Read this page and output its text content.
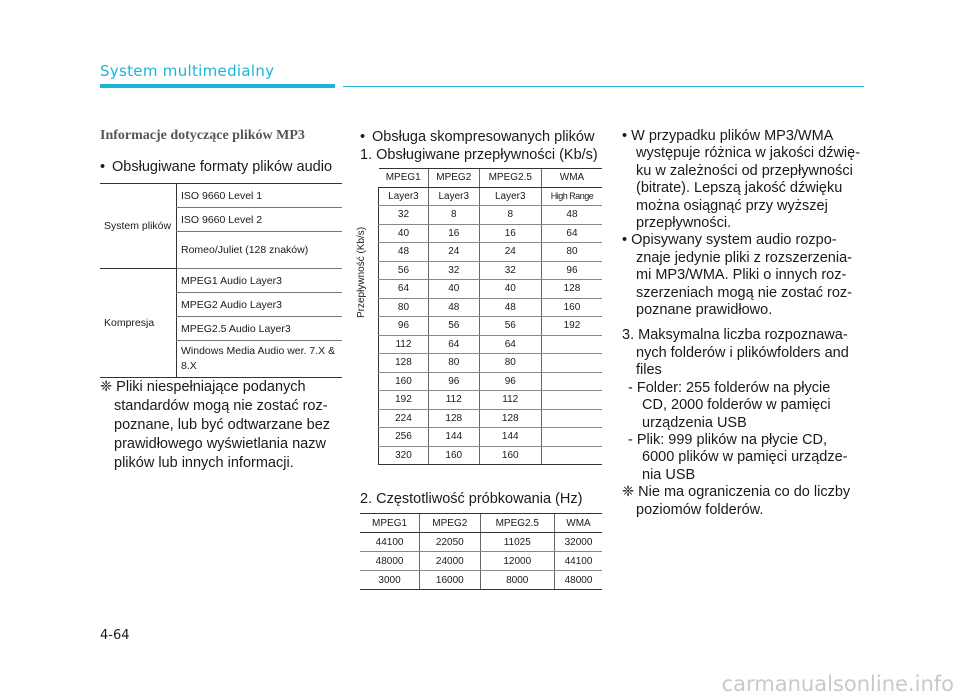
System multimedialny
Informacje dotyczące plików MP3
• Obsługiwane formaty plików audio
System plików	ISO 9660 Level 1
	ISO 9660 Level 2
	Romeo/Juliet (128 znaków)
Kompresja	MPEG1 Audio Layer3
	MPEG2 Audio Layer3
	MPEG2.5 Audio Layer3
	Windows Media Audio wer. 7.X & 8.X
❈ Pliki niespełniające podanych
standardów mogą nie zostać roz-
poznane, lub być odtwarzane bez
prawidłowego wyświetlania nazw
plików lub innych informacji.
• Obsługa skompresowanych plików
1. Obsługiwane przepływności (Kb/s)
Przepływność (Kb/s)
MPEG1	MPEG2	MPEG2.5	WMA
Layer3	Layer3	Layer3	High Range
32	8	8	48
40	16	16	64
48	24	24	80
56	32	32	96
64	40	40	128
80	48	48	160
96	56	56	192
112	64	64	
128	80	80	
160	96	96	
192	112	112	
224	128	128	
256	144	144	
320	160	160	
2. Częstotliwość próbkowania (Hz)
MPEG1	MPEG2	MPEG2.5	WMA
44100	22050	11025	32000
48000	24000	12000	44100
3000	16000	8000	48000
• W przypadku plików MP3/WMA
występuje różnica w jakości dźwię-
ku w zależności od przepływności
(bitrate). Lepszą jakość dźwięku
można osiągnąć przy wyższej
przepływności.
• Opisywany system audio rozpo-
znaje jedynie pliki z rozszerzenia-
mi MP3/WMA. Pliki o innych roz-
szerzeniach mogą nie zostać roz-
poznane prawidłowo.
3. Maksymalna liczba rozpoznawa-
nych folderów i plikówfolders and
files
- Folder: 255 folderów na płycie
CD, 2000 folderów w pamięci
urządzenia USB
- Plik: 999 plików na płycie CD,
6000 plików w pamięci urządze-
nia USB
❈ Nie ma ograniczenia co do liczby
poziomów folderów.
4-64
carmanualsonline.info
